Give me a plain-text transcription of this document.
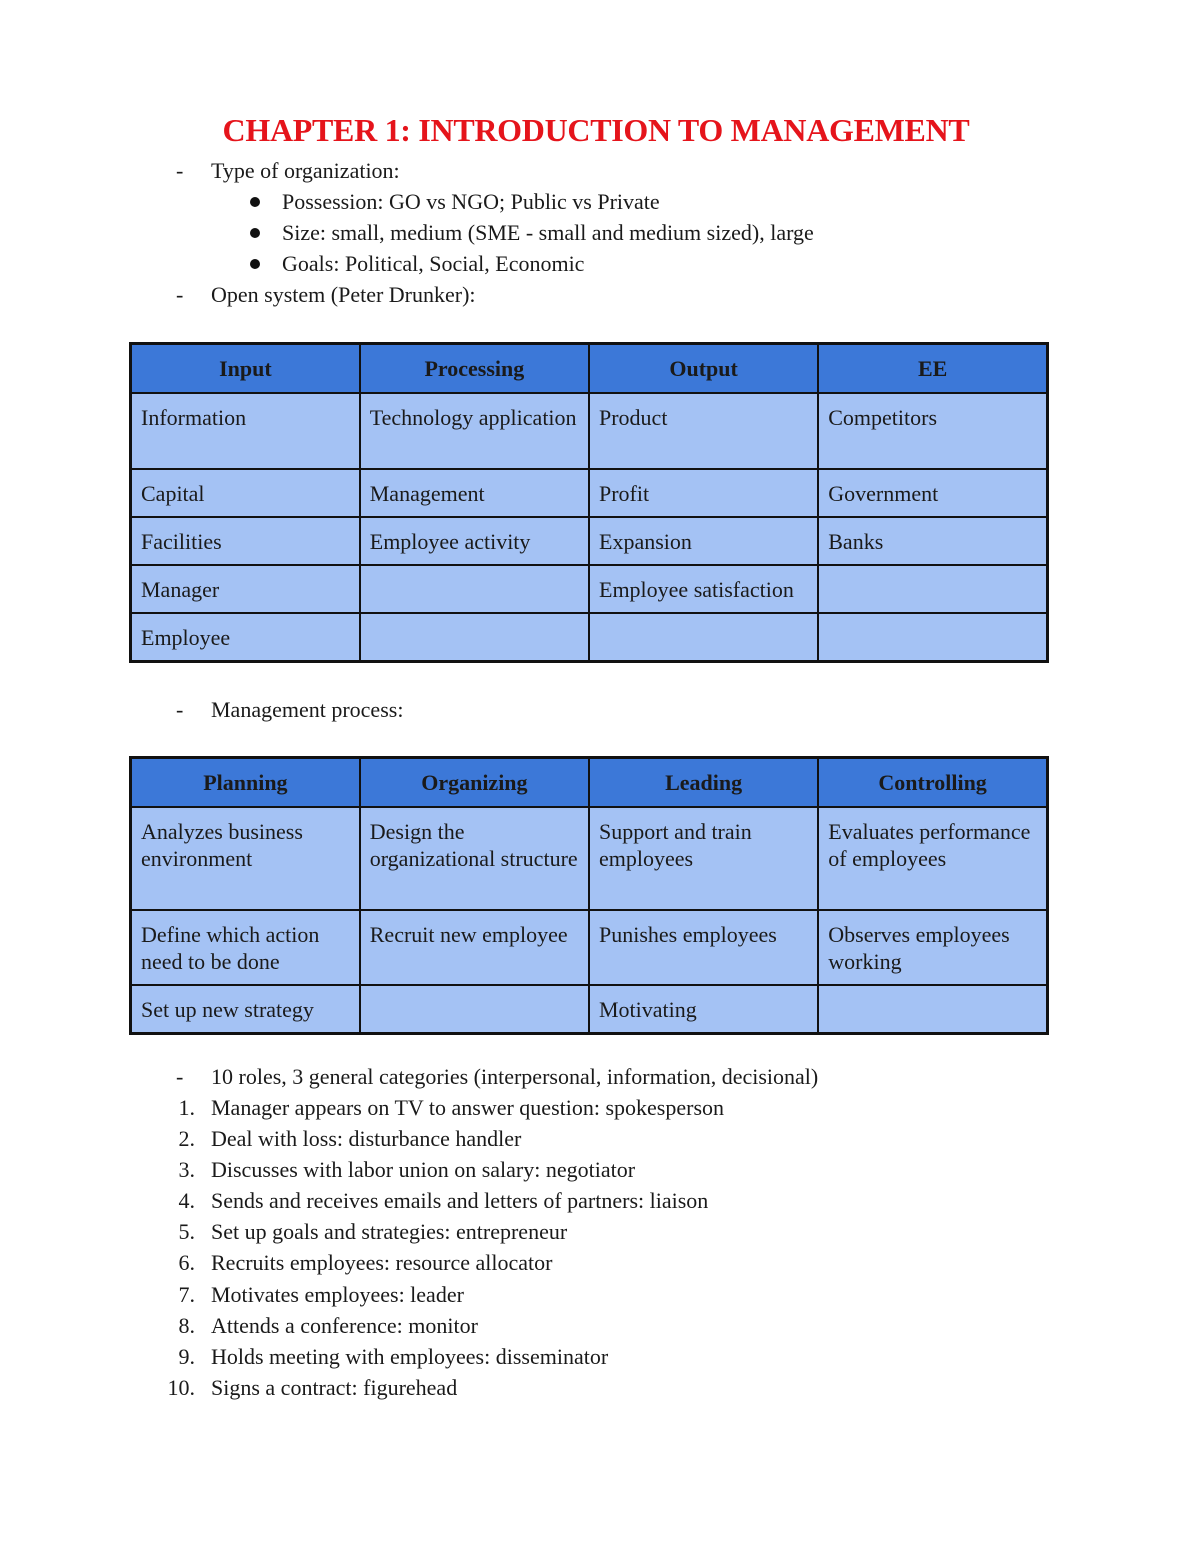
CHAPTER 1: INTRODUCTION TO MANAGEMENT
- Type of organization:
Possession: GO vs NGO; Public vs Private
Size: small, medium (SME - small and medium sized), large
Goals: Political, Social, Economic
- Open system (Peter Drunker):
Input	Processing	Output	EE
Information	Technology application	Product	Competitors
Capital	Management	Profit	Government
Facilities	Employee activity	Expansion	Banks
Manager		Employee satisfaction	
Employee			
- Management process:
Planning	Organizing	Leading	Controlling
Analyzes business environment	Design the organizational structure	Support and train employees	Evaluates performance of employees
Define which action need to be done	Recruit new employee	Punishes employees	Observes employees working
Set up new strategy		Motivating	
- 10 roles, 3 general categories (interpersonal, information, decisional)
1. Manager appears on TV to answer question: spokesperson
2. Deal with loss: disturbance handler
3. Discusses with labor union on salary: negotiator
4. Sends and receives emails and letters of partners: liaison
5. Set up goals and strategies: entrepreneur
6. Recruits employees: resource allocator
7. Motivates employees: leader
8. Attends a conference: monitor
9. Holds meeting with employees: disseminator
10. Signs a contract: figurehead
